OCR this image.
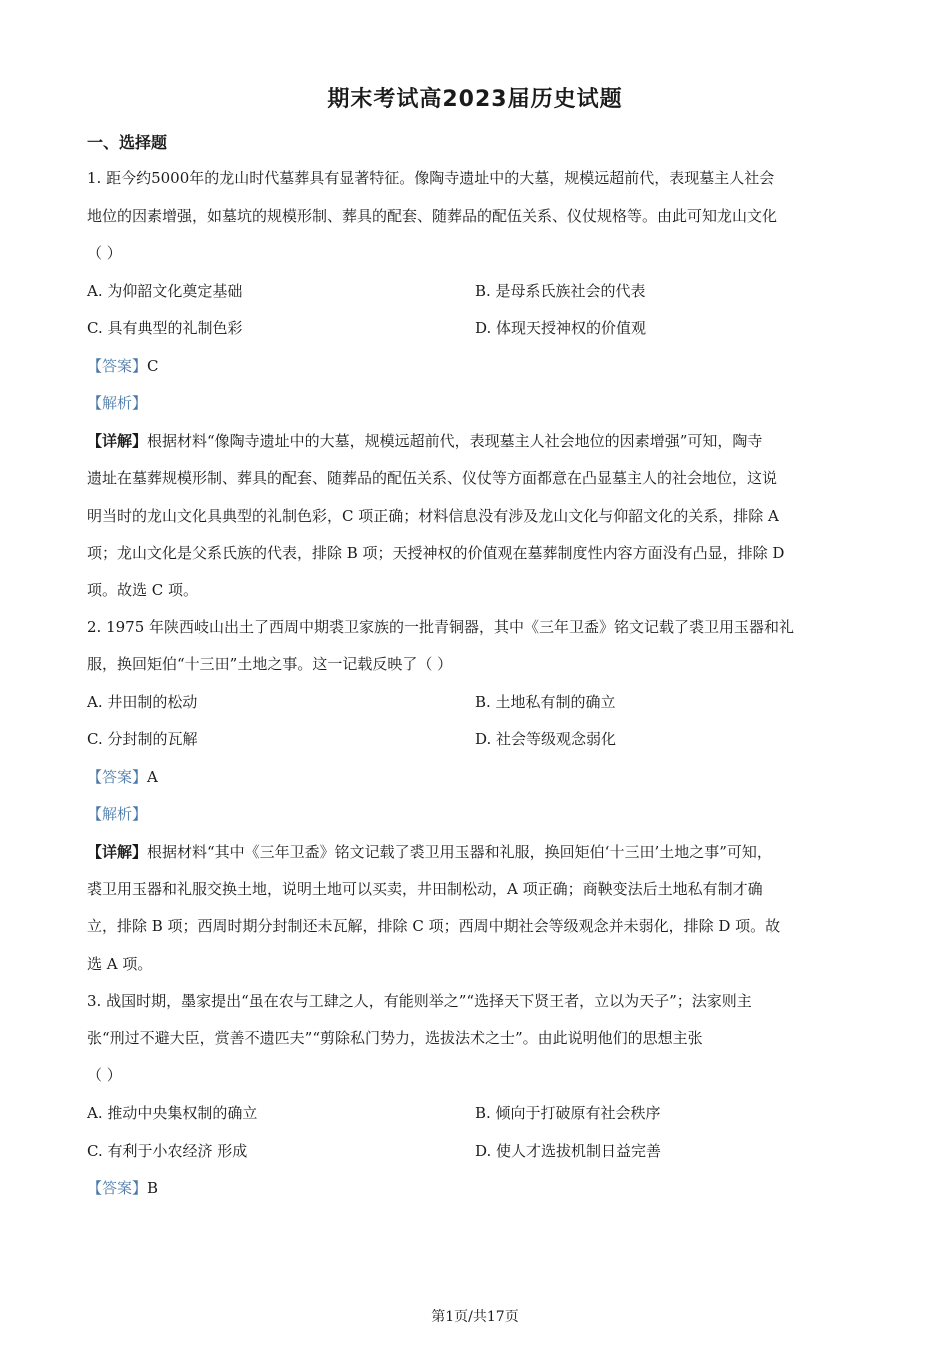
期末考试高2023届历史试题
一、选择题
1. 距今约5000年的龙山时代墓葬具有显著特征。像陶寺遗址中的大墓，规模远超前代，表现墓主人社会
地位的因素增强，如墓坑的规模形制、葬具的配套、随葬品的配伍关系、仪仗规格等。由此可知龙山文化
（ ）
A. 为仰韶文化奠定基础	B. 是母系氏族社会的代表
C. 具有典型的礼制色彩	D. 体现天授神权的价值观
【答案】C
【解析】
【详解】根据材料“像陶寺遗址中的大墓，规模远超前代，表现墓主人社会地位的因素增强”可知，陶寺
遗址在墓葬规模形制、葬具的配套、随葬品的配伍关系、仪仗等方面都意在凸显墓主人的社会地位，这说
明当时的龙山文化具典型的礼制色彩，C 项正确；材料信息没有涉及龙山文化与仰韶文化的关系，排除 A
项；龙山文化是父系氏族的代表，排除 B 项；天授神权的价值观在墓葬制度性内容方面没有凸显，排除 D
项。故选 C 项。
2. 1975 年陕西岐山出土了西周中期裘卫家族的一批青铜器，其中《三年卫盉》铭文记载了裘卫用玉器和礼
服，换回矩伯“十三田”土地之事。这一记载反映了（ ）
A. 井田制的松动	B. 土地私有制的确立
C. 分封制的瓦解	D. 社会等级观念弱化
【答案】A
【解析】
【详解】根据材料“其中《三年卫盉》铭文记载了裘卫用玉器和礼服，换回矩伯‘十三田’土地之事”可知，
裘卫用玉器和礼服交换土地，说明土地可以买卖，井田制松动，A 项正确；商鞅变法后土地私有制才确
立，排除 B 项；西周时期分封制还未瓦解，排除 C 项；西周中期社会等级观念并未弱化，排除 D 项。故
选 A 项。
3. 战国时期，墨家提出“虽在农与工肆之人，有能则举之”“选择天下贤王者，立以为天子”；法家则主
张“刑过不避大臣，赏善不遗匹夫”“剪除私门势力，选拔法术之士”。由此说明他们的思想主张
（ ）
A. 推动中央集权制的确立	B. 倾向于打破原有社会秩序
C. 有利于小农经济 形成	D. 使人才选拔机制日益完善
【答案】B
第1页/共17页
